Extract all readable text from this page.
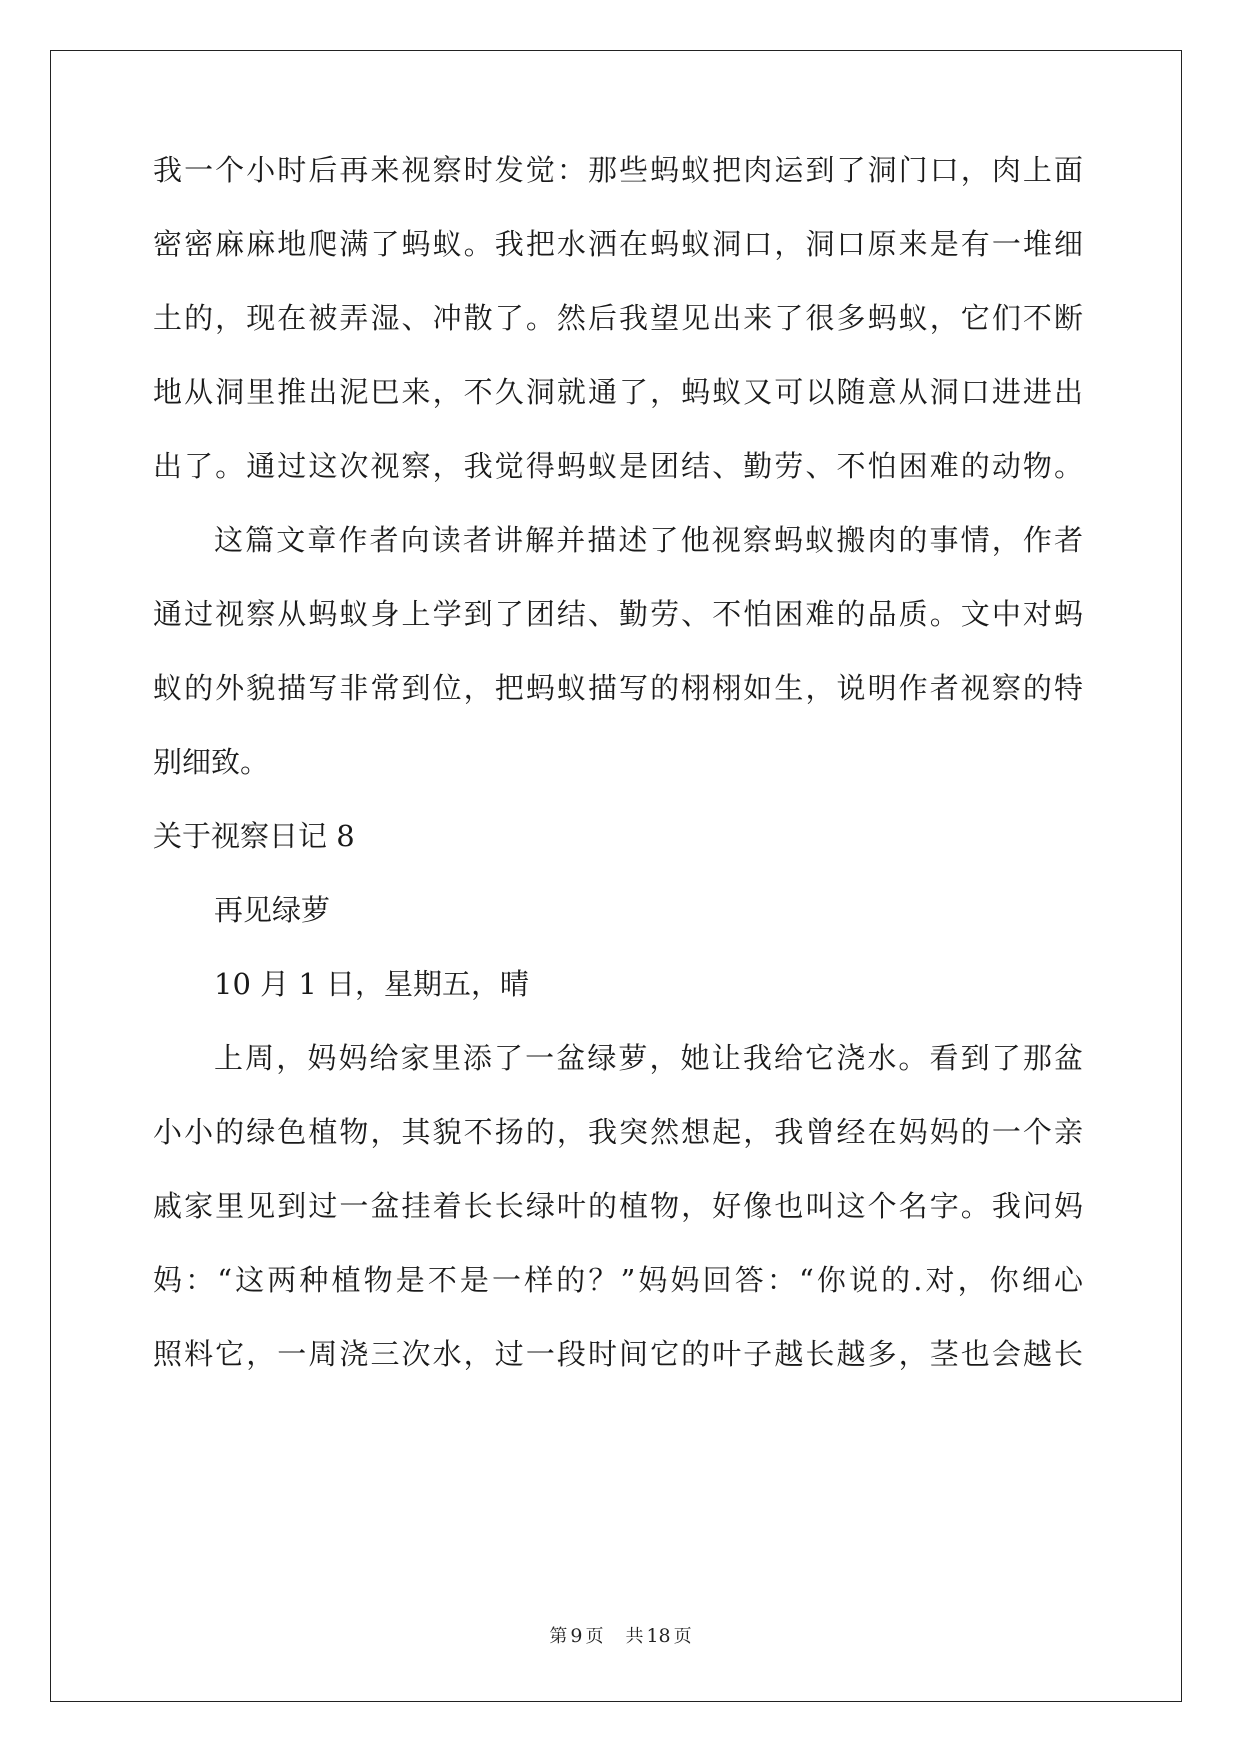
我一个小时后再来视察时发觉：那些蚂蚁把肉运到了洞门口，肉上面
密密麻麻地爬满了蚂蚁。我把水洒在蚂蚁洞口，洞口原来是有一堆细
土的，现在被弄湿、冲散了。然后我望见出来了很多蚂蚁，它们不断
地从洞里推出泥巴来，不久洞就通了，蚂蚁又可以随意从洞口进进出
出了。通过这次视察，我觉得蚂蚁是团结、勤劳、不怕困难的动物。
这篇文章作者向读者讲解并描述了他视察蚂蚁搬肉的事情，作者
通过视察从蚂蚁身上学到了团结、勤劳、不怕困难的品质。文中对蚂
蚁的外貌描写非常到位，把蚂蚁描写的栩栩如生，说明作者视察的特
别细致。
关于视察日记 8
再见绿萝
10 月 1 日，星期五，晴
上周，妈妈给家里添了一盆绿萝，她让我给它浇水。看到了那盆
小小的绿色植物，其貌不扬的，我突然想起，我曾经在妈妈的一个亲
戚家里见到过一盆挂着长长绿叶的植物，好像也叫这个名字。我问妈
妈：“这两种植物是不是一样的？”妈妈回答：“你说的.对，你细心
照料它，一周浇三次水，过一段时间它的叶子越长越多，茎也会越长
第 9 页 共 18 页
